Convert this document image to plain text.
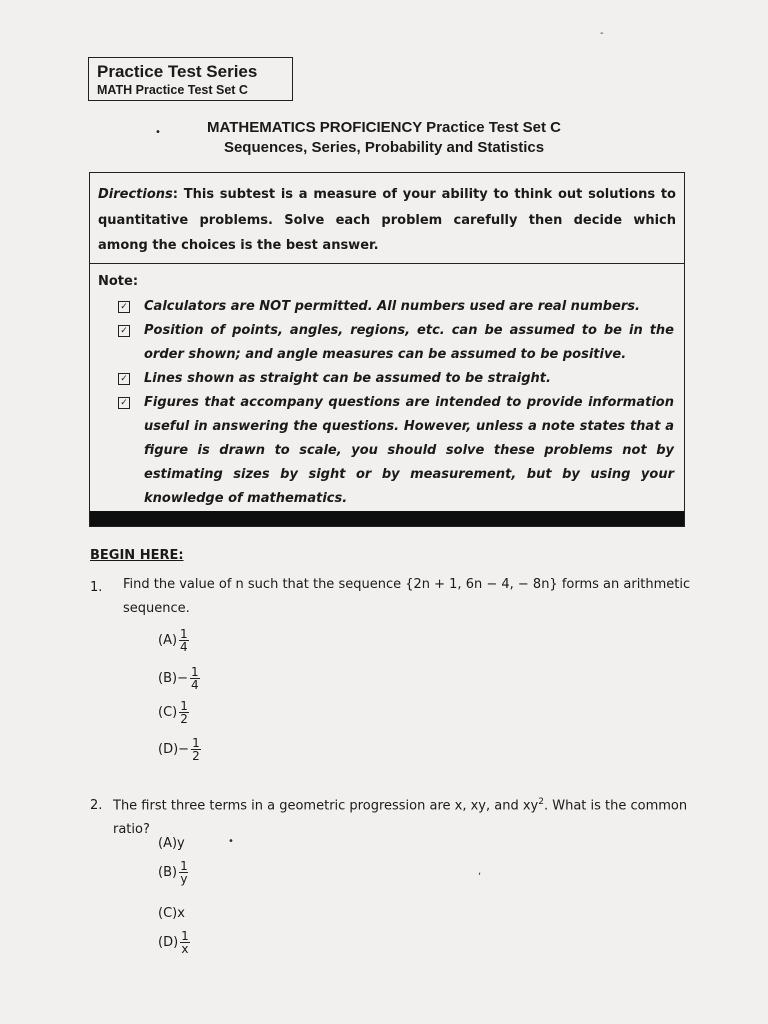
Practice Test Series
MATH Practice Test Set C
•	MATHEMATICS PROFICIENCY Practice Test Set C
Sequences, Series, Probability and Statistics
Directions: This subtest is a measure of your ability to think out solutions to quantitative problems. Solve each problem carefully then decide which among the choices is the best answer.
Note:
✓ Calculators are NOT permitted. All numbers used are real numbers.
✓ Position of points, angles, regions, etc. can be assumed to be in the order shown; and angle measures can be assumed to be positive.
✓ Lines shown as straight can be assumed to be straight.
✓ Figures that accompany questions are intended to provide information useful in answering the questions. However, unless a note states that a figure is drawn to scale, you should solve these problems not by estimating sizes by sight or by measurement, but by using your knowledge of mathematics.
BEGIN HERE:
1. Find the value of n such that the sequence {2n + 1, 6n − 4, − 8n} forms an arithmetic sequence.
$(A) \frac{1}{4}$
$(B) - \frac{1}{4}$
$(C) \frac{1}{2}$
$(D) - \frac{1}{2}$
2. The first three terms in a geometric progression are x, xy, and $xy^2$. What is the common ratio?
(A) y
$(B) \frac{1}{y}$
(C) x
$(D) \frac{1}{x}$
•
,
-
